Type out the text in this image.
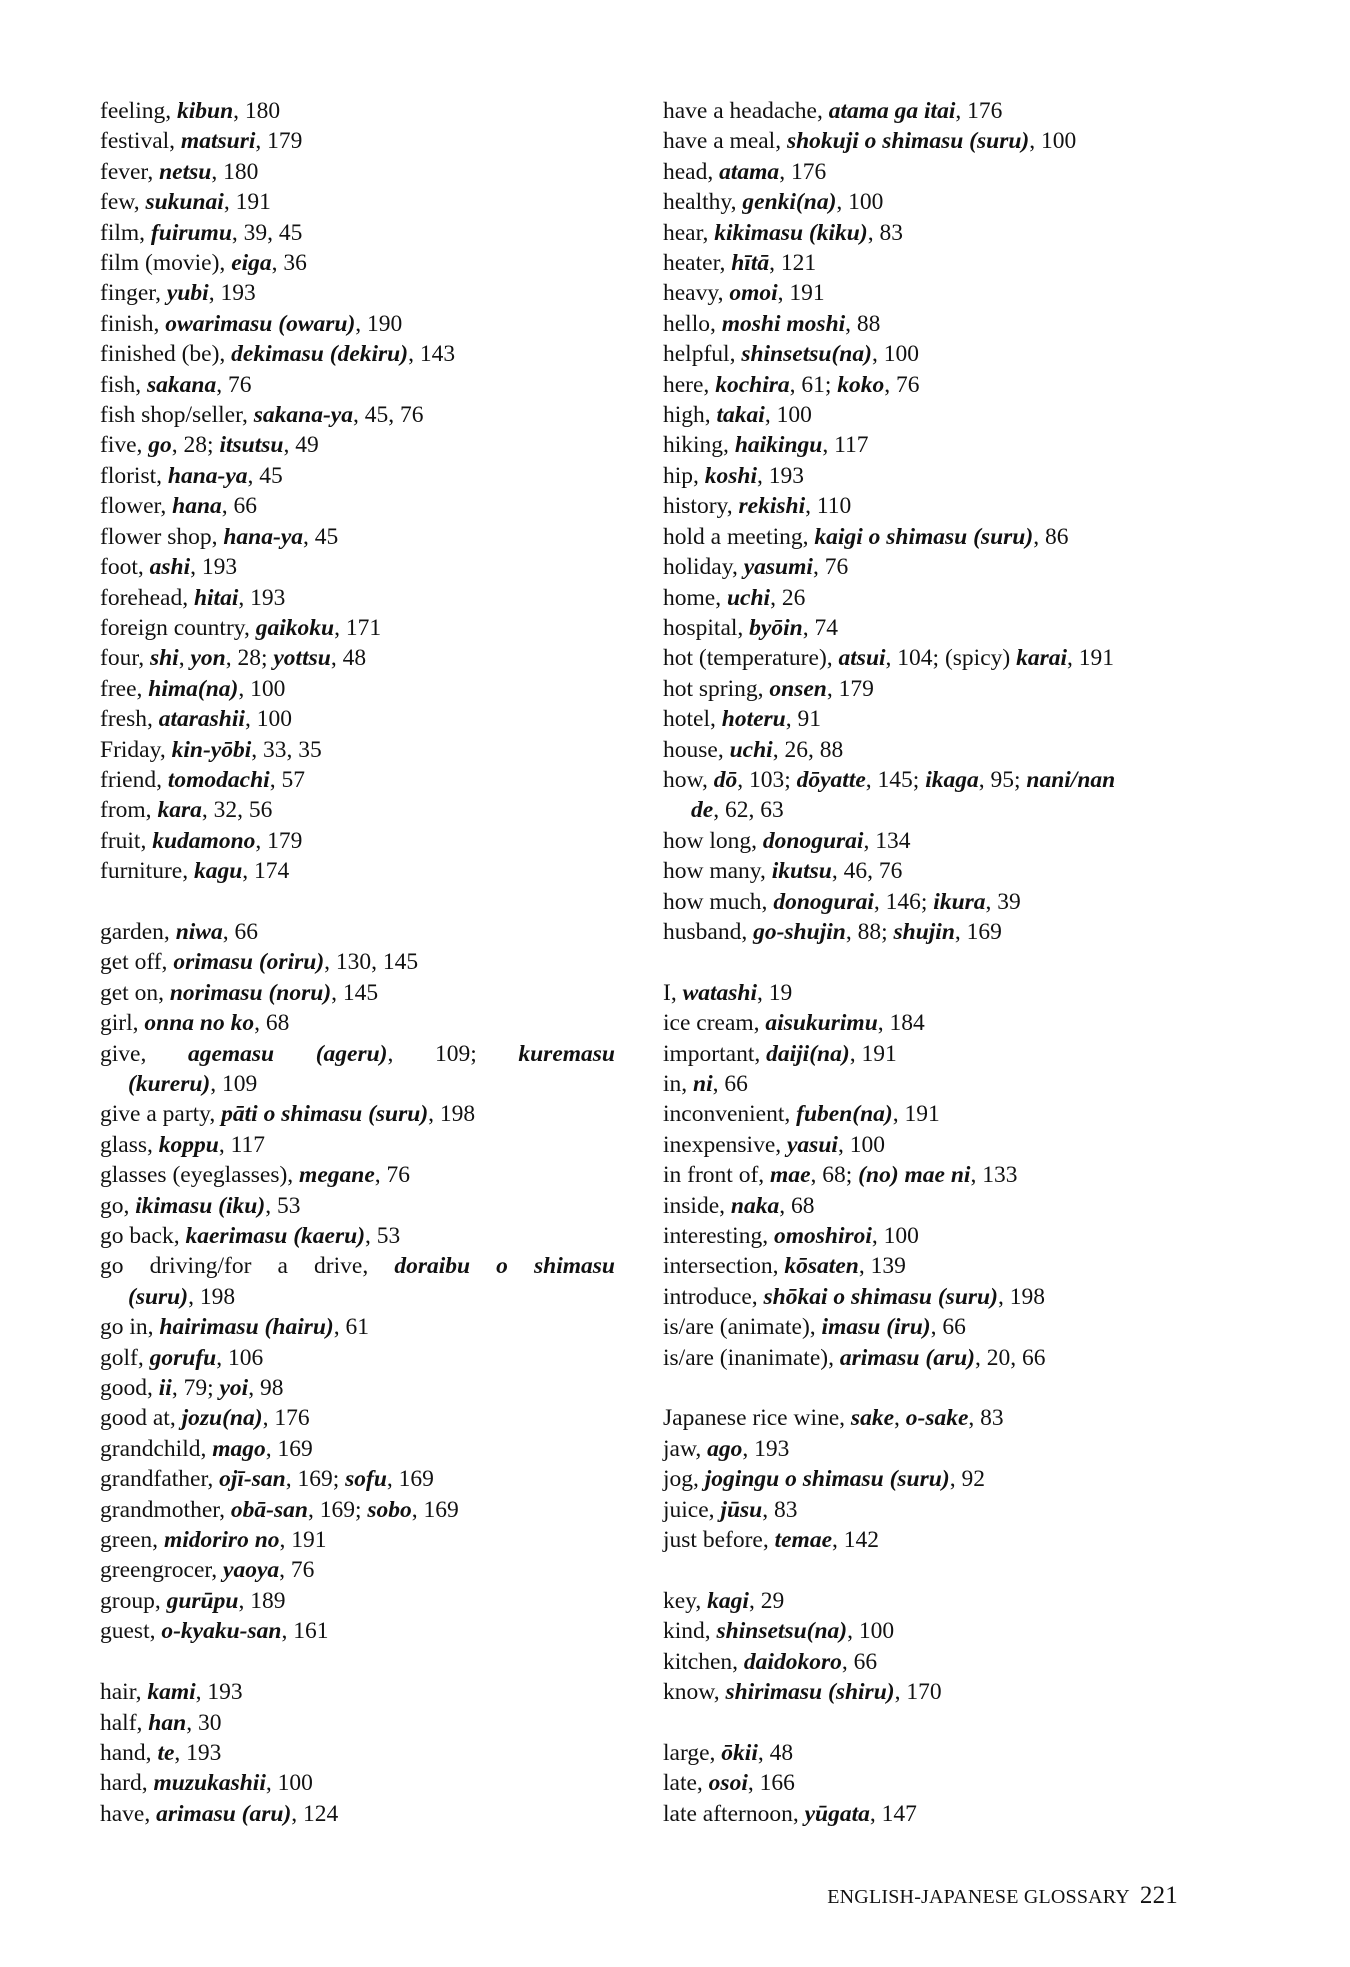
feeling, kibun, 180
festival, matsuri, 179
fever, netsu, 180
few, sukunai, 191
film, fuirumu, 39, 45
film (movie), eiga, 36
finger, yubi, 193
finish, owarimasu (owaru), 190
finished (be), dekimasu (dekiru), 143
fish, sakana, 76
fish shop/seller, sakana-ya, 45, 76
five, go, 28; itsutsu, 49
florist, hana-ya, 45
flower, hana, 66
flower shop, hana-ya, 45
foot, ashi, 193
forehead, hitai, 193
foreign country, gaikoku, 171
four, shi, yon, 28; yottsu, 48
free, hima(na), 100
fresh, atarashii, 100
Friday, kin-yōbi, 33, 35
friend, tomodachi, 57
from, kara, 32, 56
fruit, kudamono, 179
furniture, kagu, 174
garden, niwa, 66
get off, orimasu (oriru), 130, 145
get on, norimasu (noru), 145
girl, onna no ko, 68
give, agemasu (ageru), 109; kuremasu
(kureru), 109
give a party, pāti o shimasu (suru), 198
glass, koppu, 117
glasses (eyeglasses), megane, 76
go, ikimasu (iku), 53
go back, kaerimasu (kaeru), 53
go driving/for a drive, doraibu o shimasu
(suru), 198
go in, hairimasu (hairu), 61
golf, gorufu, 106
good, ii, 79; yoi, 98
good at, jozu(na), 176
grandchild, mago, 169
grandfather, ojī-san, 169; sofu, 169
grandmother, obā-san, 169; sobo, 169
green, midoriro no, 191
greengrocer, yaoya, 76
group, gurūpu, 189
guest, o-kyaku-san, 161
hair, kami, 193
half, han, 30
hand, te, 193
hard, muzukashii, 100
have, arimasu (aru), 124
have a headache, atama ga itai, 176
have a meal, shokuji o shimasu (suru), 100
head, atama, 176
healthy, genki(na), 100
hear, kikimasu (kiku), 83
heater, hītā, 121
heavy, omoi, 191
hello, moshi moshi, 88
helpful, shinsetsu(na), 100
here, kochira, 61; koko, 76
high, takai, 100
hiking, haikingu, 117
hip, koshi, 193
history, rekishi, 110
hold a meeting, kaigi o shimasu (suru), 86
holiday, yasumi, 76
home, uchi, 26
hospital, byōin, 74
hot (temperature), atsui, 104; (spicy) karai, 191
hot spring, onsen, 179
hotel, hoteru, 91
house, uchi, 26, 88
how, dō, 103; dōyatte, 145; ikaga, 95; nani/nan
de, 62, 63
how long, donogurai, 134
how many, ikutsu, 46, 76
how much, donogurai, 146; ikura, 39
husband, go-shujin, 88; shujin, 169
I, watashi, 19
ice cream, aisukurimu, 184
important, daiji(na), 191
in, ni, 66
inconvenient, fuben(na), 191
inexpensive, yasui, 100
in front of, mae, 68; (no) mae ni, 133
inside, naka, 68
interesting, omoshiroi, 100
intersection, kōsaten, 139
introduce, shōkai o shimasu (suru), 198
is/are (animate), imasu (iru), 66
is/are (inanimate), arimasu (aru), 20, 66
Japanese rice wine, sake, o-sake, 83
jaw, ago, 193
jog, jogingu o shimasu (suru), 92
juice, jūsu, 83
just before, temae, 142
key, kagi, 29
kind, shinsetsu(na), 100
kitchen, daidokoro, 66
know, shirimasu (shiru), 170
large, ōkii, 48
late, osoi, 166
late afternoon, yūgata, 147
ENGLISH-JAPANESE GLOSSARY 221
